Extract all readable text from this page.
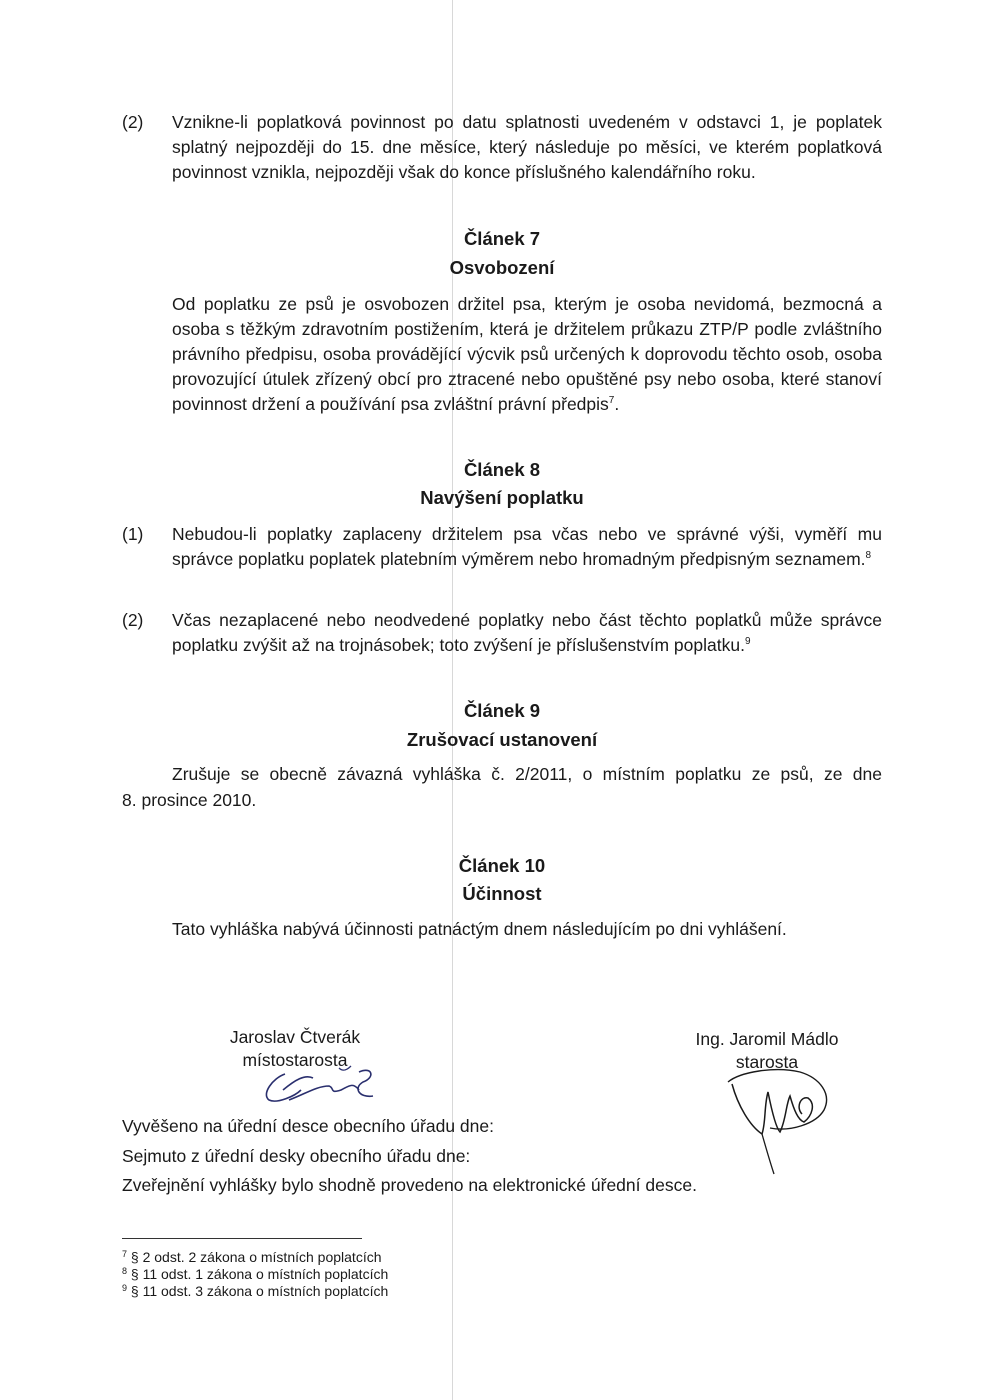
(2) Vznikne-li poplatková povinnost po datu splatnosti uvedeném v odstavci 1, je poplatek splatný nejpozději do 15. dne měsíce, který následuje po měsíci, ve kterém poplatková povinnost vznikla, nejpozději však do konce příslušného kalendářního roku.
Článek 7
Osvobození
Od poplatku ze psů je osvobozen držitel psa, kterým je osoba nevidomá, bezmocná a osoba s těžkým zdravotním postižením, která je držitelem průkazu ZTP/P podle zvláštního právního předpisu, osoba provádějící výcvik psů určených k doprovodu těchto osob, osoba provozující útulek zřízený obcí pro ztracené nebo opuštěné psy nebo osoba, které stanoví povinnost držení a používání psa zvláštní právní předpis$^7$.
Článek 8
Navýšení poplatku
(1) Nebudou-li poplatky zaplaceny držitelem psa včas nebo ve správné výši, vyměří mu správce poplatku poplatek platebním výměrem nebo hromadným předpisným seznamem.$^8$
(2) Včas nezaplacené nebo neodvedené poplatky nebo část těchto poplatků může správce poplatku zvýšit až na trojnásobek; toto zvýšení je příslušenstvím poplatku.$^9$
Článek 9
Zrušovací ustanovení
Zrušuje se obecně závazná vyhláška č. 2/2011, o místním poplatku ze psů, ze dne
8. prosince 2010.
Článek 10
Účinnost
Tato vyhláška nabývá účinnosti patnáctým dnem následujícím po dni vyhlášení.
Jaroslav Čtverák
místostarosta
Ing. Jaromil Mádlo
starosta
Vyvěšeno na úřední desce obecního úřadu dne:
Sejmuto z úřední desky obecního úřadu dne:
Zveřejnění vyhlášky bylo shodně provedeno na elektronické úřední desce.
$^7$ § 2 odst. 2 zákona o místních poplatcích
$^8$ § 11 odst. 1 zákona o místních poplatcích
$^9$ § 11 odst. 3 zákona o místních poplatcích
